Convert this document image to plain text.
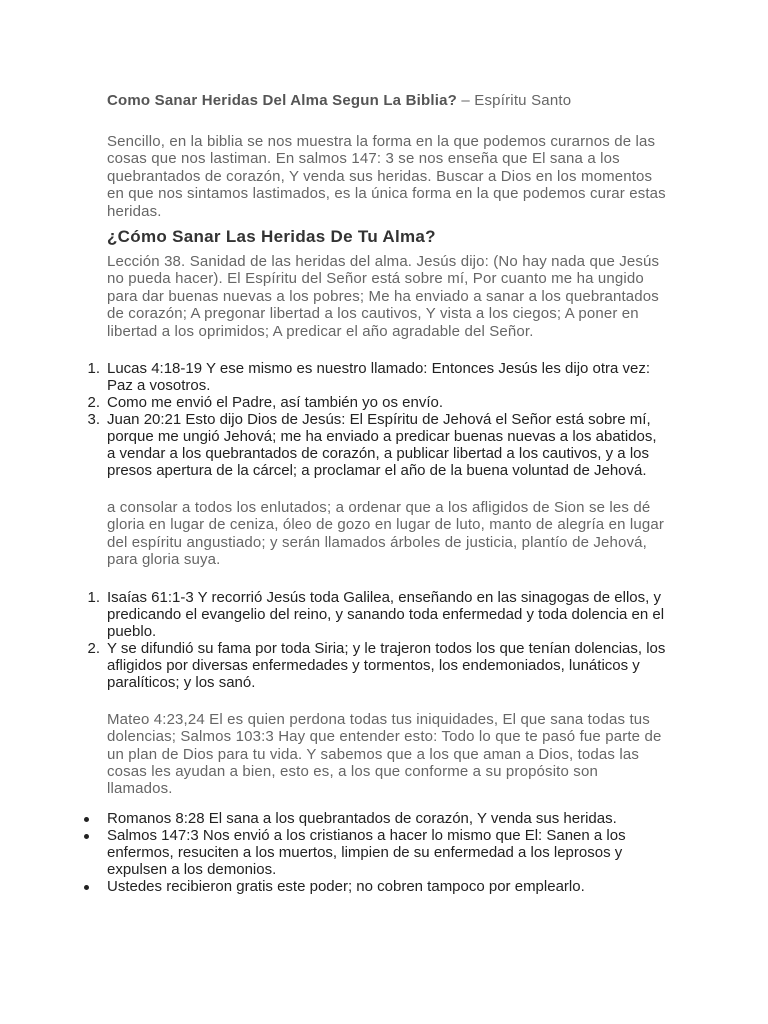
Como Sanar Heridas Del Alma Segun La Biblia? – Espíritu Santo

Sencillo, en la biblia se nos muestra la forma en la que podemos curarnos de las cosas que nos lastiman. En salmos 147: 3 se nos enseña que El sana a los quebrantados de corazón, Y venda sus heridas. Buscar a Dios en los momentos en que nos sintamos lastimados, es la única forma en la que podemos curar estas heridas.

¿Cómo Sanar Las Heridas De Tu Alma?

Lección 38. Sanidad de las heridas del alma. Jesús dijo: (No hay nada que Jesús no pueda hacer). El Espíritu del Señor está sobre mí, Por cuanto me ha ungido para dar buenas nuevas a los pobres; Me ha enviado a sanar a los quebrantados de corazón; A pregonar libertad a los cautivos, Y vista a los ciegos; A poner en libertad a los oprimidos; A predicar el año agradable del Señor.

1. Lucas 4:18-19 Y ese mismo es nuestro llamado: Entonces Jesús les dijo otra vez: Paz a vosotros.
2. Como me envió el Padre, así también yo os envío.
3. Juan 20:21 Esto dijo Dios de Jesús: El Espíritu de Jehová el Señor está sobre mí, porque me ungió Jehová; me ha enviado a predicar buenas nuevas a los abatidos, a vendar a los quebrantados de corazón, a publicar libertad a los cautivos, y a los presos apertura de la cárcel; a proclamar el año de la buena voluntad de Jehová.

a consolar a todos los enlutados; a ordenar que a los afligidos de Sion se les dé gloria en lugar de ceniza, óleo de gozo en lugar de luto, manto de alegría en lugar del espíritu angustiado; y serán llamados árboles de justicia, plantío de Jehová, para gloria suya.

1. Isaías 61:1-3 Y recorrió Jesús toda Galilea, enseñando en las sinagogas de ellos, y predicando el evangelio del reino, y sanando toda enfermedad y toda dolencia en el pueblo.
2. Y se difundió su fama por toda Siria; y le trajeron todos los que tenían dolencias, los afligidos por diversas enfermedades y tormentos, los endemoniados, lunáticos y paralíticos; y los sanó.

Mateo 4:23,24 El es quien perdona todas tus iniquidades, El que sana todas tus dolencias; Salmos 103:3 Hay que entender esto: Todo lo que te pasó fue parte de un plan de Dios para tu vida. Y sabemos que a los que aman a Dios, todas las cosas les ayudan a bien, esto es, a los que conforme a su propósito son llamados.

Romanos 8:28 El sana a los quebrantados de corazón, Y venda sus heridas.
Salmos 147:3 Nos envió a los cristianos a hacer lo mismo que El: Sanen a los enfermos, resuciten a los muertos, limpien de su enfermedad a los leprosos y expulsen a los demonios.
Ustedes recibieron gratis este poder; no cobren tampoco por emplearlo.
